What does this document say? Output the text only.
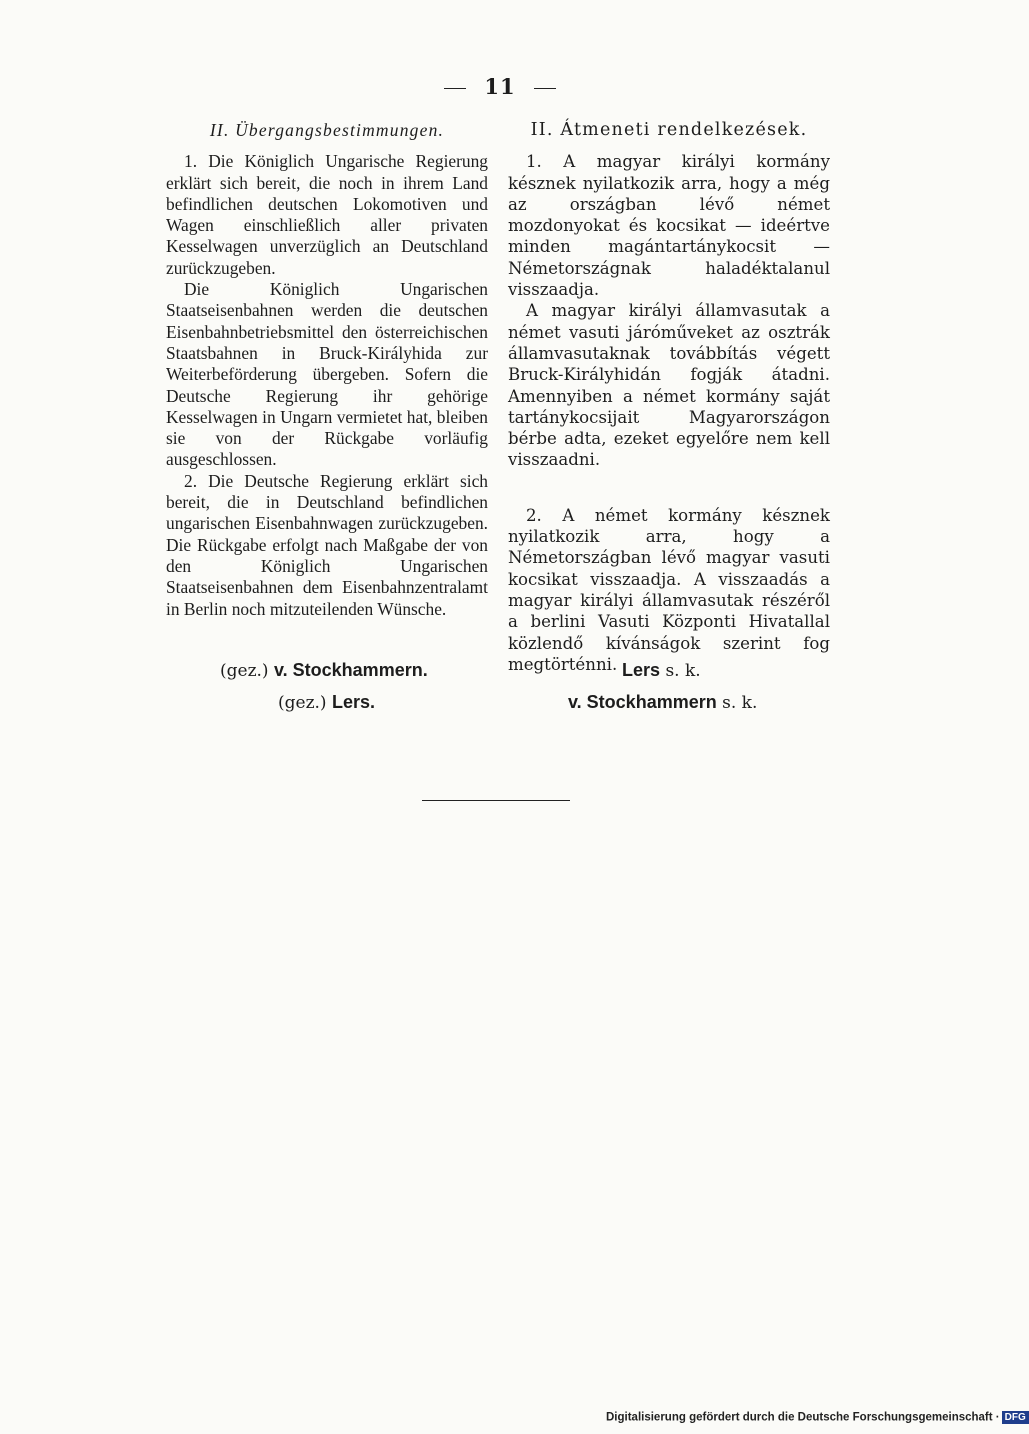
11
II. Übergangsbestimmungen.

1. Die Königlich Ungarische Regierung erklärt sich bereit, die noch in ihrem Land befindlichen deutschen Lokomotiven und Wagen einschließlich aller privaten Kesselwagen unverzüglich an Deutschland zurückzugeben.

Die Königlich Ungarischen Staatseisenbahnen werden die deutschen Eisenbahnbetriebsmittel den österreichischen Staatsbahnen in Bruck-Királyhida zur Weiterbeförderung übergeben. Sofern die Deutsche Regierung ihr gehörige Kesselwagen in Ungarn vermietet hat, bleiben sie von der Rückgabe vorläufig ausgeschlossen.

2. Die Deutsche Regierung erklärt sich bereit, die in Deutschland befindlichen ungarischen Eisenbahnwagen zurückzugeben. Die Rückgabe erfolgt nach Maßgabe der von den Königlich Ungarischen Staatseisenbahnen dem Eisenbahnzentralamt in Berlin noch mitzuteilenden Wünsche.

II. Átmeneti rendelkezések.

1. A magyar királyi kormány késznek nyilatkozik arra, hogy a még az országban lévő német mozdonyokat és kocsikat — ideértve minden magántartánykocsit — Németországnak haladéktalanul visszaadja.

A magyar királyi államvasutak a német vasuti járóműveket az osztrák államvasutaknak továbbítás végett Bruck-Királyhidán fogják átadni. Amennyiben a német kormány saját tartánykocsijait Magyarországon bérbe adta, ezeket egyelőre nem kell visszaadni.

2. A német kormány késznek nyilatkozik arra, hogy a Németországban lévő magyar vasuti kocsikat visszaadja. A visszaadás a magyar királyi államvasutak részéről a berlini Vasuti Központi Hivatallal közlendő kívánságok szerint fog megtörténni.

(gez.) v. Stockhammern.
(gez.) Lers.
Lers s. k.
v. Stockhammern s. k.
Digitalisierung gefördert durch die Deutsche Forschungsgemeinschaft · DFG
